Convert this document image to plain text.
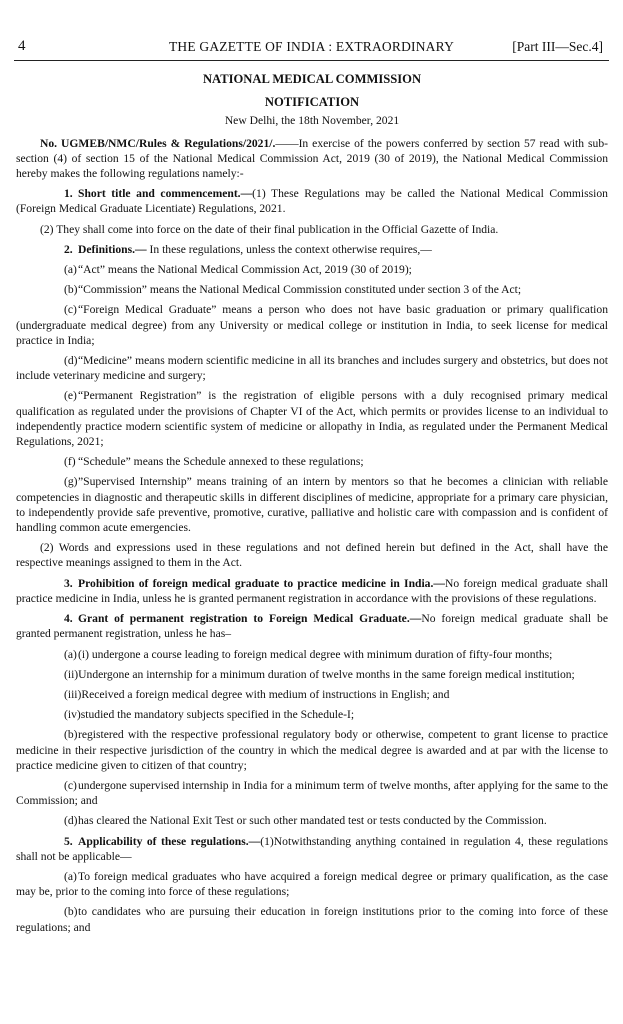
4	THE GAZETTE OF INDIA : EXTRAORDINARY	[Part III—Sec.4]
NATIONAL MEDICAL COMMISSION
NOTIFICATION
New Delhi, the 18th November, 2021

No. UGMEB/NMC/Rules & Regulations/2021/.——In exercise of the powers conferred by section 57 read with sub-section (4) of section 15 of the National Medical Commission Act, 2019 (30 of 2019), the National Medical Commission hereby makes the following regulations namely:-

1. Short title and commencement.—(1) These Regulations may be called the National Medical Commission (Foreign Medical Graduate Licentiate) Regulations, 2021.

(2) They shall come into force on the date of their final publication in the Official Gazette of India.

2. Definitions.— In these regulations, unless the context otherwise requires,—

(a)“Act” means the National Medical Commission Act, 2019 (30 of 2019);

(b)“Commission” means the National Medical Commission constituted under section 3 of the Act;

(c)“Foreign Medical Graduate” means a person who does not have basic graduation or primary qualification (undergraduate medical degree) from any University or medical college or institution in India, to seek license for medical practice in India;

(d)“Medicine” means modern scientific medicine in all its branches and includes surgery and obstetrics, but does not include veterinary medicine and surgery;

(e)“Permanent Registration” is the registration of eligible persons with a duly recognised primary medical qualification as regulated under the provisions of Chapter VI of the Act, which permits or provides license to an individual to independently practice modern scientific system of medicine or allopathy in India, as regulated under the Permanent Medical Regulations, 2021;

(f) “Schedule” means the Schedule annexed to these regulations;

(g)”Supervised Internship” means training of an intern by mentors so that he becomes a clinician with reliable competencies in diagnostic and therapeutic skills in different disciplines of medicine, appropriate for a primary care physician, to independently provide safe preventive, promotive, curative, palliative and holistic care with compassion and is confident of handling common acute emergencies.

(2) Words and expressions used in these regulations and not defined herein but defined in the Act, shall have the respective meanings assigned to them in the Act.

3. Prohibition of foreign medical graduate to practice medicine in India.—No foreign medical graduate shall practice medicine in India, unless he is granted permanent registration in accordance with the provisions of these regulations.

4. Grant of permanent registration to Foreign Medical Graduate.—No foreign medical graduate shall be granted permanent registration, unless he has–

(a)(i) undergone a course leading to foreign medical degree with minimum duration of fifty-four months;

(ii)Undergone an internship for a minimum duration of twelve months in the same foreign medical institution;

(iii)Received a foreign medical degree with medium of instructions in English; and

(iv)studied the mandatory subjects specified in the Schedule-I;

(b)registered with the respective professional regulatory body or otherwise, competent to grant license to practice medicine in their respective jurisdiction of the country in which the medical degree is awarded and at par with the license to practice medicine given to citizen of that country;

(c)undergone supervised internship in India for a minimum term of twelve months, after applying for the same to the Commission; and

(d)has cleared the National Exit Test or such other mandated test or tests conducted by the Commission.

5. Applicability of these regulations.—(1)Notwithstanding anything contained in regulation 4, these regulations shall not be applicable—

(a)To foreign medical graduates who have acquired a foreign medical degree or primary qualification, as the case may be, prior to the coming into force of these regulations;

(b)to candidates who are pursuing their education in foreign institutions prior to the coming into force of these regulations; and
